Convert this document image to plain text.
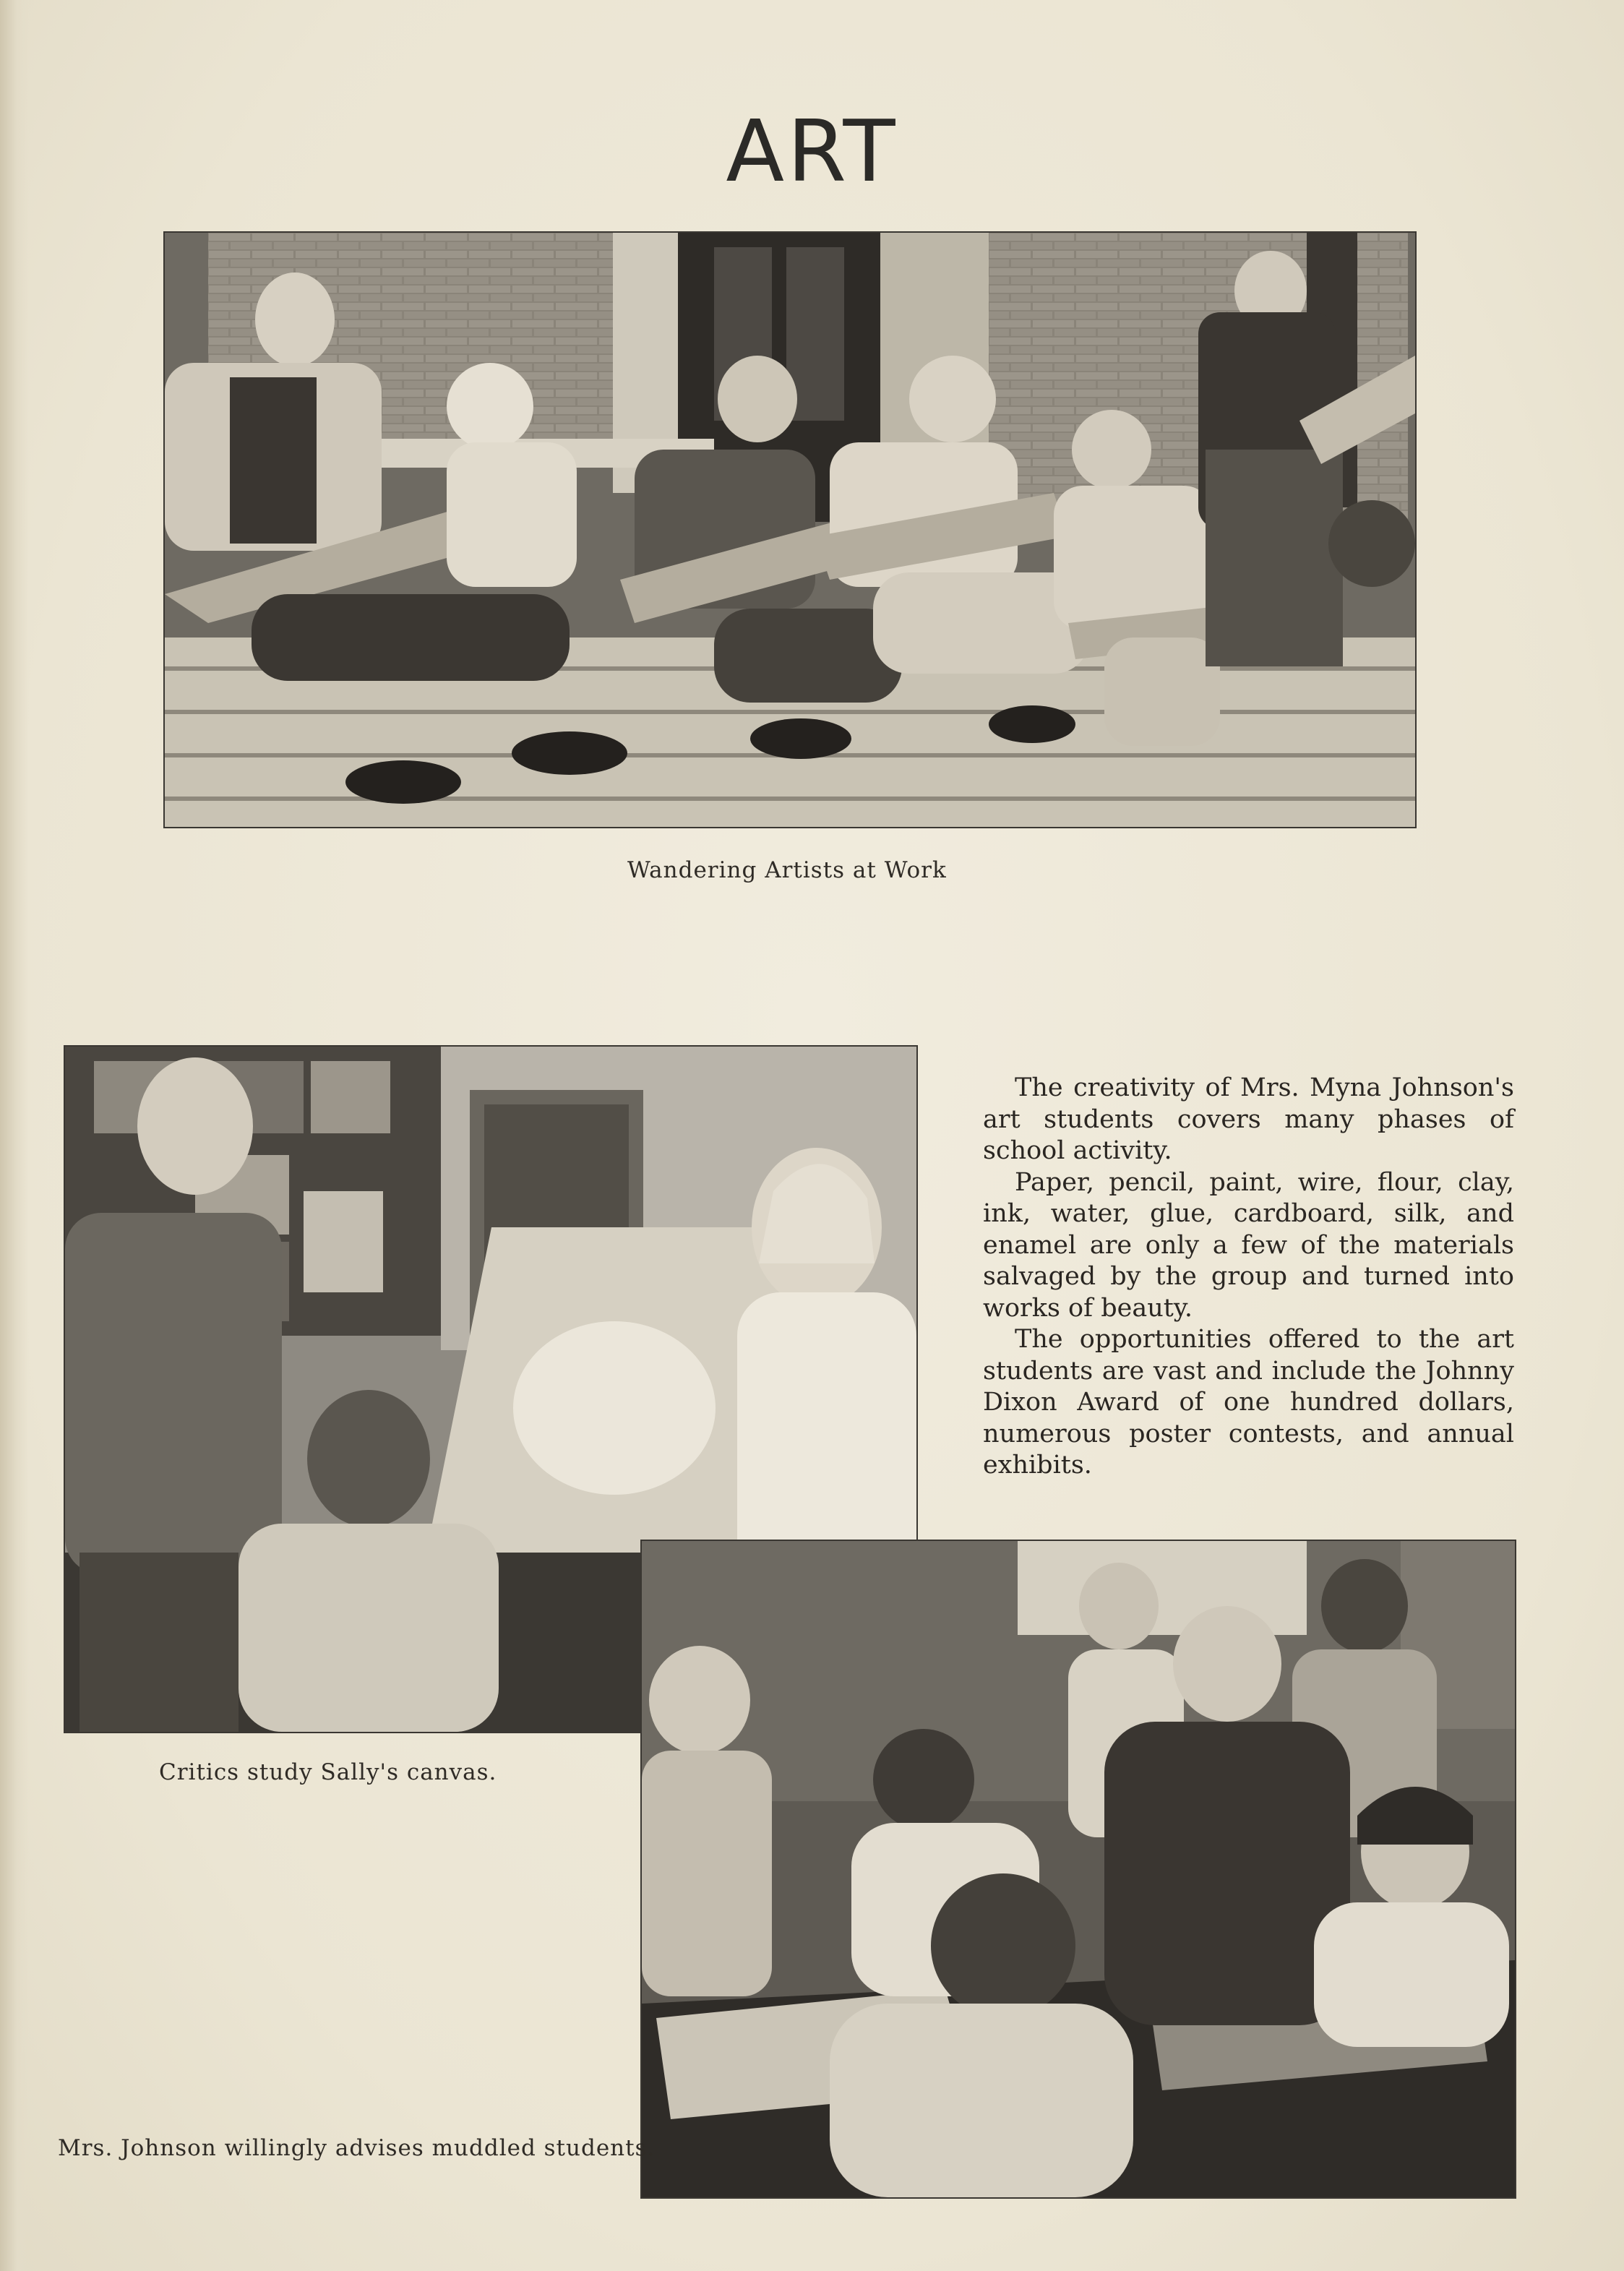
ART
Wandering Artists at Work
Critics study Sally's canvas.

The creativity of Mrs. Myna Johnson's art students covers many phases of school activity.

Paper, pencil, paint, wire, flour, clay, ink, water, glue, cardboard, silk, and enamel are only a few of the materials salvaged by the group and turned into works of beauty.

The opportunities offered to the art students are vast and include the Johnny Dixon Award of one hundred dollars, numerous poster contests, and annual exhibits.

Mrs. Johnson willingly advises muddled students.
